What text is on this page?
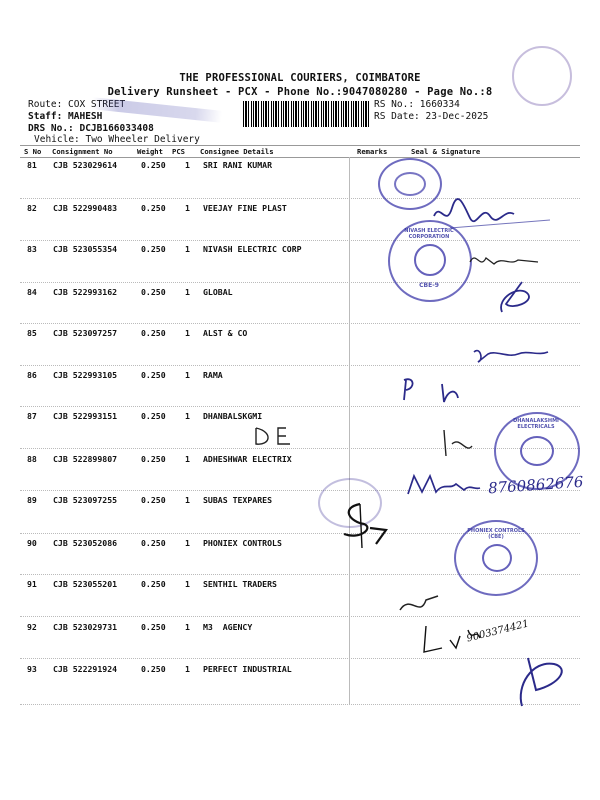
THE PROFESSIONAL COURIERS, COIMBATORE
Delivery Runsheet - PCX - Phone No.:9047080280 - Page No.:8
Route: COX STREET
Staff: MAHESH
DRS No.: DCJB166033408
Vehicle: Two Wheeler Delivery
RS No.: 1660334
RS Date: 23-Dec-2025
S No Consignment No	Weight PCS Consignee Details	Remarks	Seal & Signature
81 CJB 523029614	0.250 1 SRI RANI KUMAR
82 CJB 522990483	0.250 1 VEEJAY FINE PLAST
83 CJB 523055354	0.250 1 NIVASH ELECTRIC CORP
84 CJB 522993162	0.250 1 GLOBAL
85 CJB 523097257	0.250 1 ALST & CO
86 CJB 522993105	0.250 1 RAMA
87 CJB 522993151	0.250 1 DHANBALSKGMI
88 CJB 522899807	0.250 1 ADHESHWAR ELECTRIX
89 CJB 523097255	0.250 1 SUBAS TEXPARES
90 CJB 523052086	0.250 1 PHONIEX CONTROLS
91 CJB 523055201	0.250 1 SENTHIL TRADERS
92 CJB 523029731	0.250 1 M3  AGENCY
93 CJB 522291924	0.250 1 PERFECT INDUSTRIAL
NIVASH ELECTRIC CORPORATION
CBE-9
DHANALAKSHMI ELECTRICALS
8760862676
PHONIEX CONTROLS (CBE)
9003374421
